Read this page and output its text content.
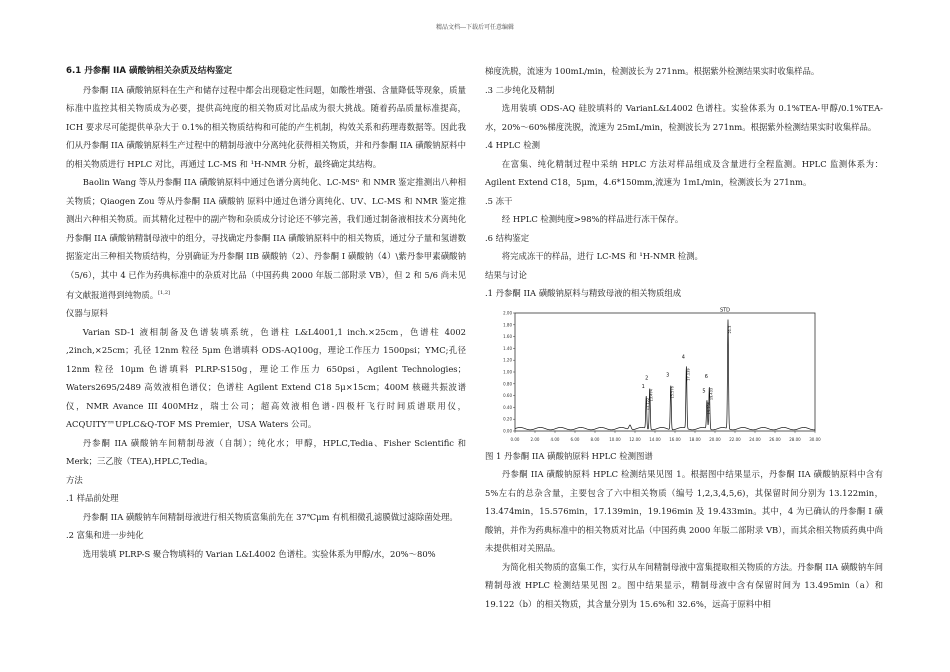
精品文档---下载后可任意编辑

6.1 丹参酮 IIA 磺酸钠相关杂质及结构鉴定

丹参酮 IIA 磺酸钠原料在生产和储存过程中都会出现稳定性问题，如酸性增强、含量降低等现象，质量标准中监控其相关物质成为必要，提供高纯度的相关物质对比品成为很大挑战。随着药品质量标准提高，ICH 要求尽可能提供单杂大于 0.1%的相关物质结构和可能的产生机制，构效关系和药理毒数据等。因此我们从丹参酮 IIA 磺酸钠原料生产过程中的精制母液中分离纯化获得相关物质，并和丹参酮 IIA 磺酸钠原料中的相关物质进行 HPLC 对比，再通过 LC-MS 和 ¹H-NMR 分析，最终确定其结构。

Baolin Wang 等从丹参酮 IIA 磺酸钠原料中通过色谱分离纯化、LC-MSⁿ 和 NMR 鉴定推测出八种相关物质；Qiaogen Zou 等从丹参酮 IIA 磺酸钠 原料中通过色谱分离纯化、UV、LC-MS 和 NMR 鉴定推测出六种相关物质。而其精化过程中的副产物和杂质成分讨论还不够完善，我们通过制备液相技术分离纯化丹参酮 IIA 磺酸钠精制母液中的组分，寻找确定丹参酮 IIA 磺酸钠原料中的相关物质，通过分子量和氢谱数据鉴定出三种相关物质结构，分别确证为丹参酮 IIB 磺酸钠（2）、丹参酮 I 磺酸钠（4）\紫丹参甲素磺酸钠（5/6），其中 4 已作为药典标准中的杂质对比品（中国药典 2000 年版二部附录 VB），但 2 和 5/6 尚未见有文献报道得到纯物质。[1,2]

仪器与原料

Varian SD-1 液相制备及色谱装填系统，色谱柱 L&L4001,1 inch.×25cm，色谱柱 4002 ,2inch,×25cm；孔径 12nm 粒径 5μm 色谱填料 ODS-AQ100g，理论工作压力 1500psi；YMC;孔径 12nm 粒径 10μm 色谱填料 PLRP-S150g，理论工作压力 650psi，Agilent Technologies；Waters2695/2489 高效液相色谱仪；色谱柱 Agilent Extend C18 5μ×15cm；400M 核磁共振波谱仪，NMR Avance III 400MHz，瑞士公司；超高效液相色谱-四极杆飞行时间质谱联用仪，ACQUITY™UPLC&Q-TOF MS Premier，USA Waters 公司。

丹参酮 IIA 磺酸钠车间精制母液（自制）；纯化水；甲醇，HPLC,Tedia、Fisher Scientific 和 Merk；三乙胺（TEA),HPLC,Tedia。

方法

.1 样品前处理

丹参酮 IIA 磺酸钠车间精制母液进行相关物质富集前先在 37℃μm 有机相微孔滤膜做过滤除菌处理。

.2 富集和进一步纯化

选用装填 PLRP-S 聚合物填料的 Varian L&L4002 色谱柱。实验体系为甲醇/水，20%～80%

梯度洗脱，流速为 100mL/min，检测波长为 271nm。根据紫外检测结果实时收集样品。

.3 二步纯化及精制

选用装填 ODS-AQ 硅胶填料的 VarianL&L4002 色谱柱。实验体系为 0.1%TEA-甲醇/0.1%TEA-水，20%～60%梯度洗脱，流速为 25mL/min，检测波长为 271nm。根据紫外检测结果实时收集样品。

.4 HPLC 检测

在富集、纯化精制过程中采纳 HPLC 方法对样品组成及含量进行全程监测。HPLC 监测体系为：Agilent Extend C18，5μm，4.6*150mm,流速为 1mL/min，检测波长为 271nm。

.5 冻干

经 HPLC 检测纯度>98%的样品进行冻干保存。

.6 结构鉴定

将完成冻干的样品，进行 LC-MS 和 ¹H-NMR 检测。

结果与讨论

.1 丹参酮 IIA 磺酸钠原料与精致母液的相关物质组成

0.00	2.00	4.00	6.00	8.00 10.00 12.00 14.00 16.00 18.00 20.00 22.00 24.00 26.00 28.00 30.00
0.00
0.20
0.40
0.60
0.80
1.00
1.20
1.40
1.60
1.80
2.00
1
13.122
2
13.474
3
15.576
4
17.139
5
19.196
6
19.433
STD
21.3

图 1 丹参酮 IIA 磺酸钠原料 HPLC 检测图谱

丹参酮 IIA 磺酸钠原料 HPLC 检测结果见图 1。根据图中结果显示，丹参酮 IIA 磺酸钠原料中含有 5%左右的总杂含量，主要包含了六中相关物质（编号 1,2,3,4,5,6)，其保留时间分别为 13.122min，13.474min，15.576min，17.139min，19.196min 及 19.433min。其中，4 为已确认的丹参酮 I 磺酸钠，并作为药典标准中的相关物质对比品（中国药典 2000 年版二部附录 VB），而其余相关物质药典中尚未提供相对关照品。

为简化相关物质的富集工作，实行从车间精制母液中富集提取相关物质的方法。丹参酮 IIA 磺酸钠车间精制母液 HPLC 检测结果见图 2。图中结果显示，精制母液中含有保留时间为 13.495min（a）和 19.122（b）的相关物质，其含量分别为 15.6%和 32.6%，远高于原料中相
